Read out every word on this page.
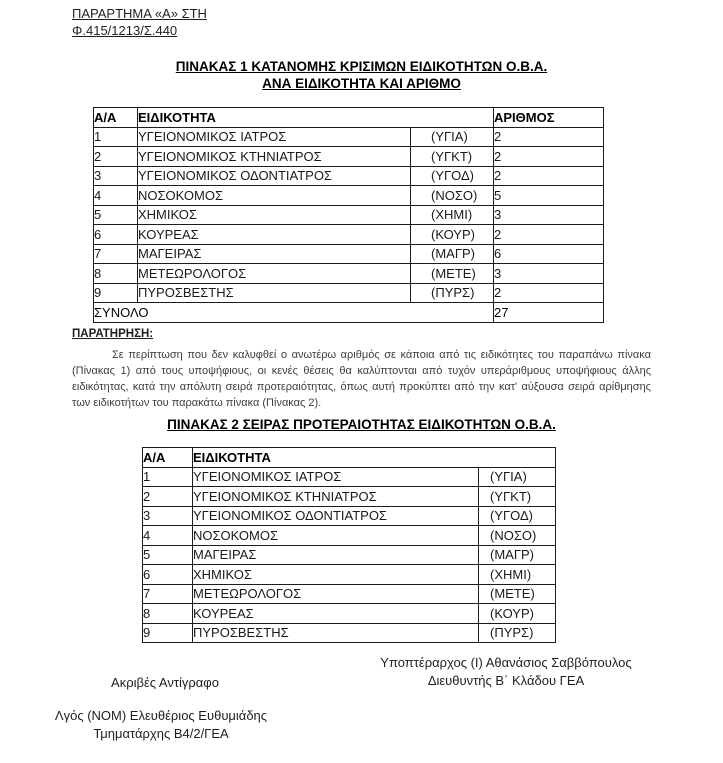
ΠΑΡΑΡΤΗΜΑ «Α» ΣΤΗ
Φ.415/1213/Σ.440
ΠΙΝΑΚΑΣ 1 ΚΑΤΑΝΟΜΗΣ ΚΡΙΣΙΜΩΝ ΕΙΔΙΚΟΤΗΤΩΝ Ο.Β.Α.
ΑΝΑ ΕΙΔΙΚΟΤΗΤΑ ΚΑΙ ΑΡΙΘΜΟ
Α/Α	ΕΙΔΙΚΟΤΗΤΑ		ΑΡΙΘΜΟΣ
1	ΥΓΕΙΟΝΟΜΙΚΟΣ ΙΑΤΡΟΣ	(ΥΓΙΑ)	2
2	ΥΓΕΙΟΝΟΜΙΚΟΣ ΚΤΗΝΙΑΤΡΟΣ	(ΥΓΚΤ)	2
3	ΥΓΕΙΟΝΟΜΙΚΟΣ ΟΔΟΝΤΙΑΤΡΟΣ	(ΥΓΟΔ)	2
4	ΝΟΣΟΚΟΜΟΣ	(ΝΟΣΟ)	5
5	ΧΗΜΙΚΟΣ	(ΧΗΜΙ)	3
6	ΚΟΥΡΕΑΣ	(ΚΟΥΡ)	2
7	ΜΑΓΕΙΡΑΣ	(ΜΑΓΡ)	6
8	ΜΕΤΕΩΡΟΛΟΓΟΣ	(ΜΕΤΕ)	3
9	ΠΥΡΟΣΒΕΣΤΗΣ	(ΠΥΡΣ)	2
ΣΥΝΟΛΟ			27
ΠΑΡΑΤΗΡΗΣΗ:
Σε περίπτωση που δεν καλυφθεί ο ανωτέρω αριθμός σε κάποια από τις ειδικότητες του παραπάνω πίνακα (Πίνακας 1) από τους υποψήφιους, οι κενές θέσεις θα καλύπτονται από τυχόν υπεράριθμους υποψήφιους άλλης ειδικότητας, κατά την απόλυτη σειρά προτεραιότητας, όπως αυτή προκύπτει από την κατ' αύξουσα σειρά αρίθμησης των ειδικοτήτων του παρακάτω πίνακα (Πίνακας 2).
ΠΙΝΑΚΑΣ 2 ΣΕΙΡΑΣ ΠΡΟΤΕΡΑΙΟΤΗΤΑΣ ΕΙΔΙΚΟΤΗΤΩΝ Ο.Β.Α.
Α/Α	ΕΙΔΙΚΟΤΗΤΑ	
1	ΥΓΕΙΟΝΟΜΙΚΟΣ ΙΑΤΡΟΣ	(ΥΓΙΑ)
2	ΥΓΕΙΟΝΟΜΙΚΟΣ ΚΤΗΝΙΑΤΡΟΣ	(ΥΓΚΤ)
3	ΥΓΕΙΟΝΟΜΙΚΟΣ ΟΔΟΝΤΙΑΤΡΟΣ	(ΥΓΟΔ)
4	ΝΟΣΟΚΟΜΟΣ	(ΝΟΣΟ)
5	ΜΑΓΕΙΡΑΣ	(ΜΑΓΡ)
6	ΧΗΜΙΚΟΣ	(ΧΗΜΙ)
7	ΜΕΤΕΩΡΟΛΟΓΟΣ	(ΜΕΤΕ)
8	ΚΟΥΡΕΑΣ	(ΚΟΥΡ)
9	ΠΥΡΟΣΒΕΣΤΗΣ	(ΠΥΡΣ)
Υποπτέραρχος (Ι) Αθανάσιος Σαββόπουλος
Διευθυντής Β΄ Κλάδου ΓΕΑ
Ακριβές Αντίγραφο
Λγός (ΝΟΜ) Ελευθέριος Ευθυμιάδης
Τμηματάρχης Β4/2/ΓΕΑ
